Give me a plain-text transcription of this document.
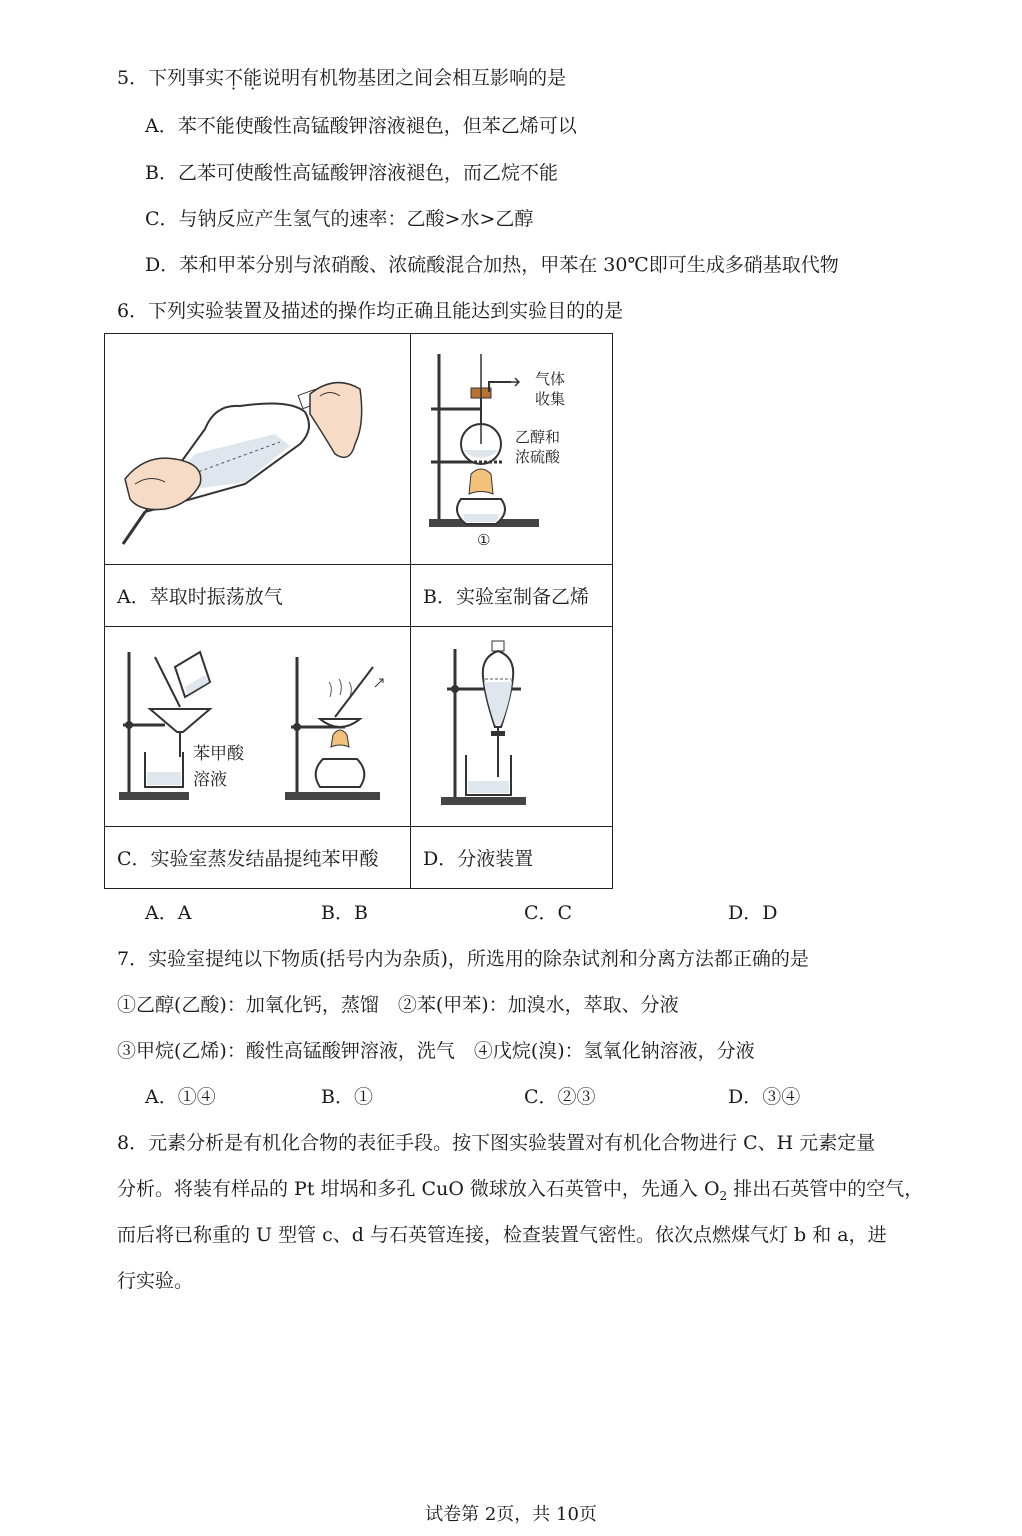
5．下列事实不能说明有机物基团之间会相互影响的是
A．苯不能使酸性高锰酸钾溶液褪色，但苯乙烯可以
B．乙苯可使酸性高锰酸钾溶液褪色，而乙烷不能
C．与钠反应产生氢气的速率：乙酸>水>乙醇
D．苯和甲苯分别与浓硝酸、浓硫酸混合加热，甲苯在 30℃即可生成多硝基取代物
6．下列实验装置及描述的操作均正确且能达到实验目的的是

气体
收集
乙醇和
浓硫酸
①

A．萃取时振荡放气	B．实验室制备乙烯

苯甲酸
溶液

C．实验室蒸发结晶提纯苯甲酸	D．分液装置
A．A	B．B	C．C	D．D
7．实验室提纯以下物质(括号内为杂质)，所选用的除杂试剂和分离方法都正确的是
①乙醇(乙酸)：加氧化钙，蒸馏　②苯(甲苯)：加溴水，萃取、分液
③甲烷(乙烯)：酸性高锰酸钾溶液，洗气　④戊烷(溴)：氢氧化钠溶液，分液
A．①④	B．①	C．②③	D．③④
8．元素分析是有机化合物的表征手段。按下图实验装置对有机化合物进行 C、H 元素定量
分析。将装有样品的 Pt 坩埚和多孔 CuO 微球放入石英管中，先通入 $O_2$ 排出石英管中的空气，
而后将已称重的 U 型管 c、d 与石英管连接，检查装置气密性。依次点燃煤气灯 b 和 a，进
行实验。
试卷第 2页，共 10页
